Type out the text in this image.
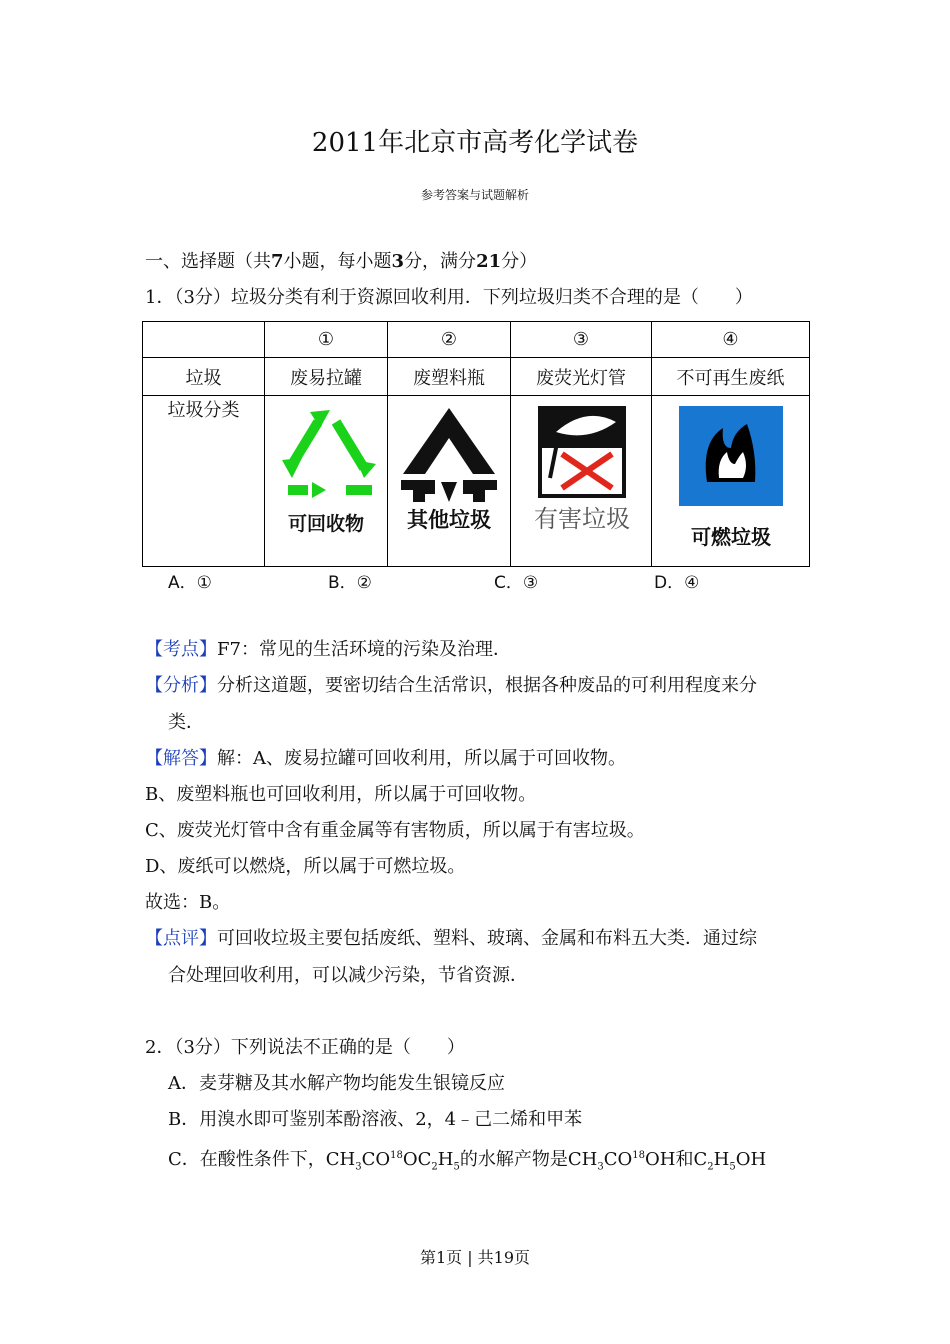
2011年北京市高考化学试卷
参考答案与试题解析
一、选择题（共7小题，每小题3分，满分21分）
1．（3分）垃圾分类有利于资源回收利用．下列垃圾归类不合理的是（　　）
	①	②	③	④
垃圾	废易拉罐	废塑料瓶	废荧光灯管	不可再生废纸
垃圾分类	可回收物	其他垃圾	有害垃圾	可燃垃圾
A．①	B．②	C．③	D．④
【考点】F7：常见的生活环境的污染及治理．
【分析】分析这道题，要密切结合生活常识，根据各种废品的可利用程度来分
类．
【解答】解：A、废易拉罐可回收利用，所以属于可回收物。
B、废塑料瓶也可回收利用，所以属于可回收物。
C、废荧光灯管中含有重金属等有害物质，所以属于有害垃圾。
D、废纸可以燃烧，所以属于可燃垃圾。
故选：B。
【点评】可回收垃圾主要包括废纸、塑料、玻璃、金属和布料五大类．通过综
合处理回收利用，可以减少污染，节省资源．
2．（3分）下列说法不正确的是（　　）
A．麦芽糖及其水解产物均能发生银镜反应
B．用溴水即可鉴别苯酚溶液、2，4﹣己二烯和甲苯
C．在酸性条件下，$CH_3CO^{18}OC_2H_5$的水解产物是$CH_3CO^{18}OH$和$C_2H_5OH$
第1页 | 共19页
